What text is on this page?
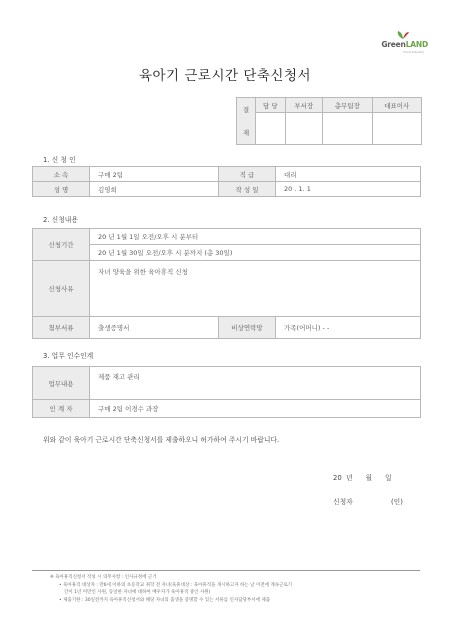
GreenLAND
Food Industry
육아기 근로시간 단축신청서
결
재	담 당	부서장	총무팀장	대표이사

1. 신 청 인
소 속	구매 2팀	직 급	대리
성 명	김영희	작 성 일	20 . 1. 1
2. 신청내용
신청기간	20 년 1월 1일 오전/오후 시 분부터		
	20 년 1월 30일 오전/오후 시 분까지 (총 30일)		
신청사유	자녀 양육을 위한 육아휴직 신청		
첨부서류	출생증명서	비상연락망	가족(어머니) - -
3. 업무 인수인계
업무내용	제품 재고 관리
인 계 자	구매 2팀 이경수 과장
위와 같이 육아기 근로시간 단축신청서를 제출하오니 허가하여 주시기 바랍니다.
20  년      월      일
신청자	(인)
※ 육아휴직신청서 작성 시 의무사항 : 인사규정에 근거
• 육아휴직 대상자 : 만6세 이하의 초등학교 취학 전 자녀(육휴대상 : 육아휴직을 개시하고자 하는 날 이전에 계속근로기
간이 1년 미만인 사원, 동일한 자녀에 대하여 배우자가 육아휴직 중인 사원)
• 제출기한 : 30일전까지 육아휴직신청서와 해당 자녀의 출생을 증명할 수 있는 서류를 인사담당부서에 제출
